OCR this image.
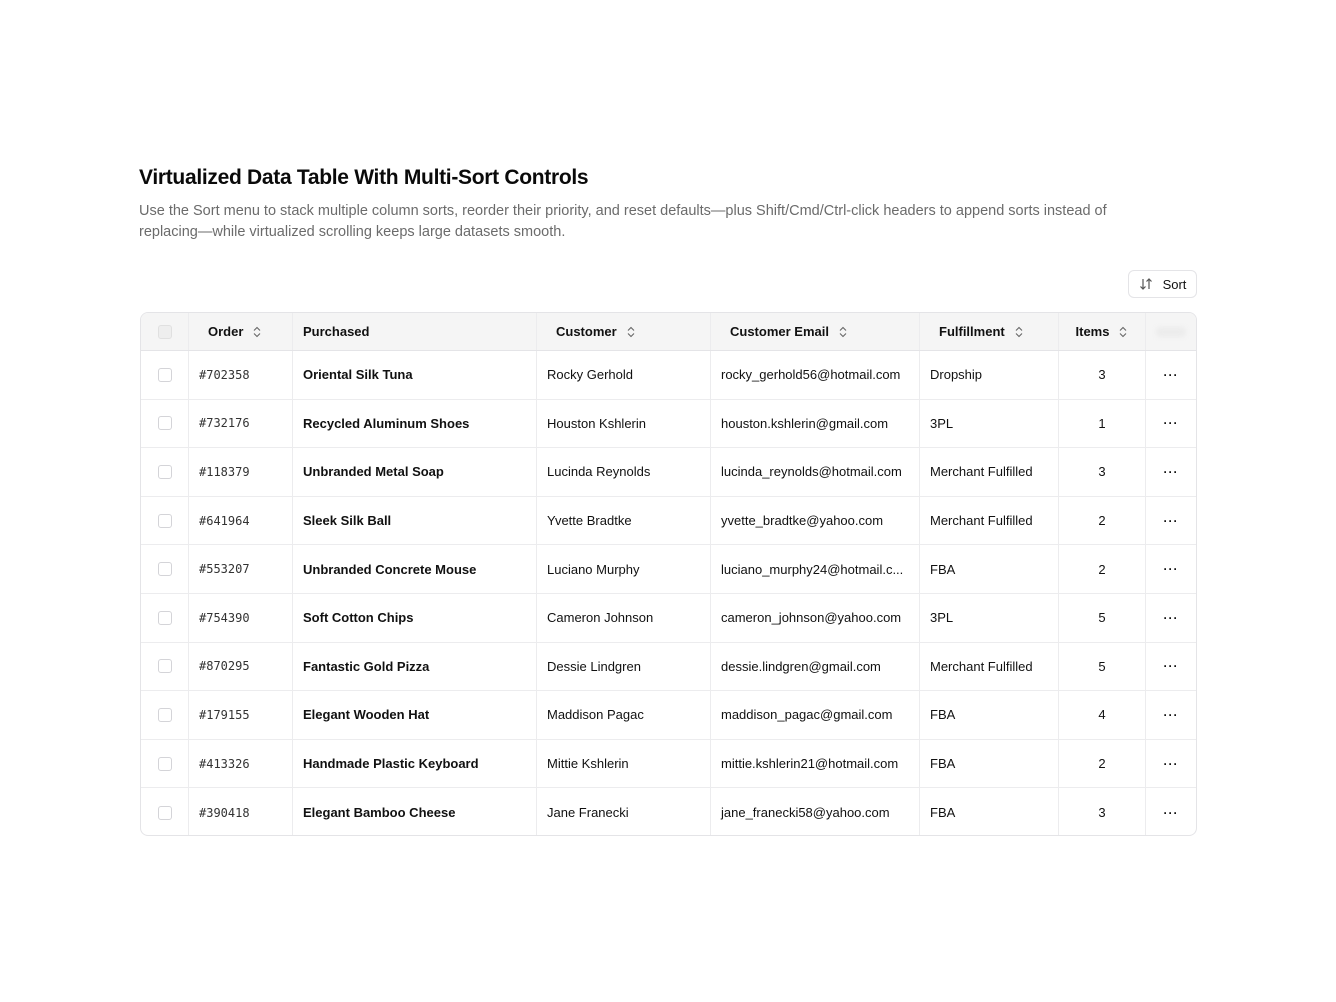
Virtualized Data Table With Multi-Sort Controls

Use the Sort menu to stack multiple column sorts, reorder their priority, and reset defaults—plus Shift/Cmd/Ctrl-click headers to append sorts instead of replacing—while virtualized scrolling keeps large datasets smooth.

Sort
Order	Purchased	Customer	Customer Email	Fulfillment	Items
#702358	Oriental Silk Tuna	Rocky Gerhold	rocky_gerhold56@hotmail.com	Dropship	3	···
#732176	Recycled Aluminum Shoes	Houston Kshlerin	houston.kshlerin@gmail.com	3PL	1	···
#118379	Unbranded Metal Soap	Lucinda Reynolds	lucinda_reynolds@hotmail.com	Merchant Fulfilled	3	···
#641964	Sleek Silk Ball	Yvette Bradtke	yvette_bradtke@yahoo.com	Merchant Fulfilled	2	···
#553207	Unbranded Concrete Mouse	Luciano Murphy	luciano_murphy24@hotmail.c...	FBA	2	···
#754390	Soft Cotton Chips	Cameron Johnson	cameron_johnson@yahoo.com	3PL	5	···
#870295	Fantastic Gold Pizza	Dessie Lindgren	dessie.lindgren@gmail.com	Merchant Fulfilled	5	···
#179155	Elegant Wooden Hat	Maddison Pagac	maddison_pagac@gmail.com	FBA	4	···
#413326	Handmade Plastic Keyboard	Mittie Kshlerin	mittie.kshlerin21@hotmail.com	FBA	2	···
#390418	Elegant Bamboo Cheese	Jane Franecki	jane_franecki58@yahoo.com	FBA	3	···
